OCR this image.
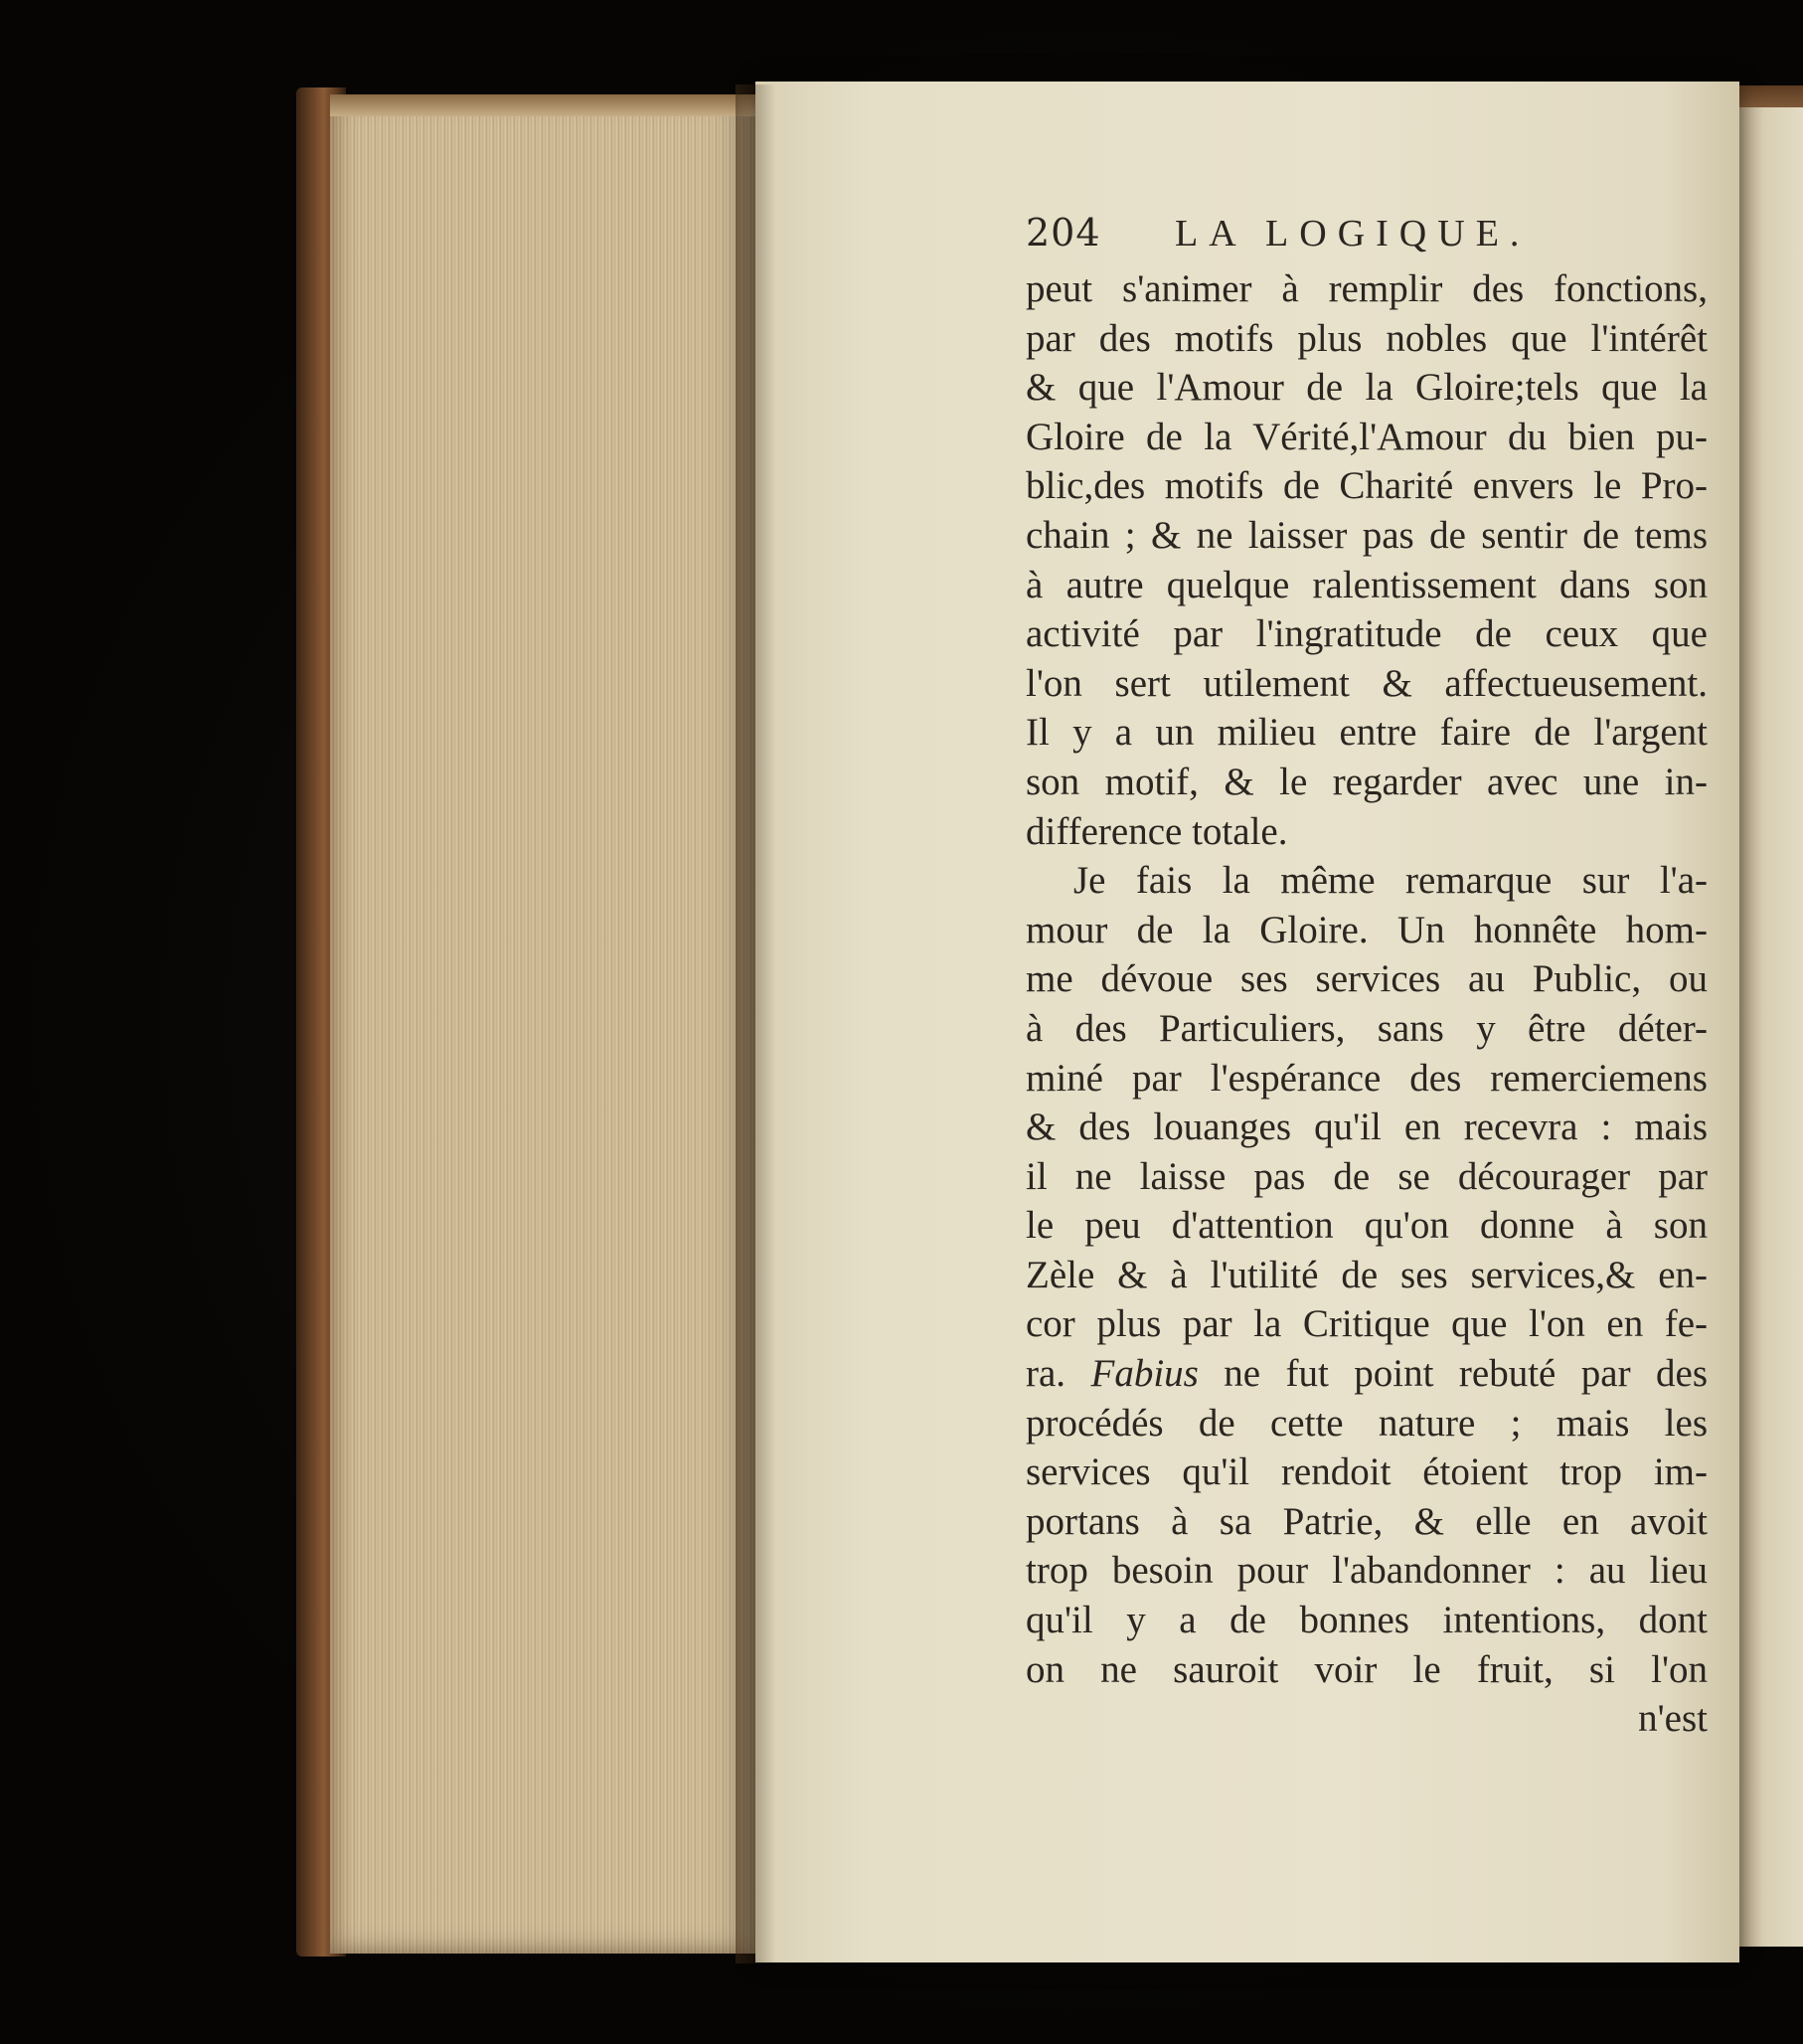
204	LA LOGIQUE.
peut s'animer à remplir des fonctions,
par des motifs plus nobles que l'intérêt
& que l'Amour de la Gloire;tels que la
Gloire de la Vérité,l'Amour du bien pu-
blic,des motifs de Charité envers le Pro-
chain ; & ne laisser pas de sentir de tems
à autre quelque ralentissement dans son
activité par l'ingratitude de ceux que
l'on sert utilement & affectueusement.
Il y a un milieu entre faire de l'argent
son motif, & le regarder avec une in-
difference totale.
Je fais la même remarque sur l'a-
mour de la Gloire. Un honnête hom-
me dévoue ses services au Public, ou
à des Particuliers, sans y être déter-
miné par l'espérance des remerciemens
& des louanges qu'il en recevra : mais
il ne laisse pas de se décourager par
le peu d'attention qu'on donne à son
Zèle & à l'utilité de ses services,& en-
cor plus par la Critique que l'on en fe-
ra. Fabius ne fut point rebuté par des
procédés de cette nature ; mais les
services qu'il rendoit étoient trop im-
portans à sa Patrie, & elle en avoit
trop besoin pour l'abandonner : au lieu
qu'il y a de bonnes intentions, dont
on ne sauroit voir le fruit, si l'on
n'est
